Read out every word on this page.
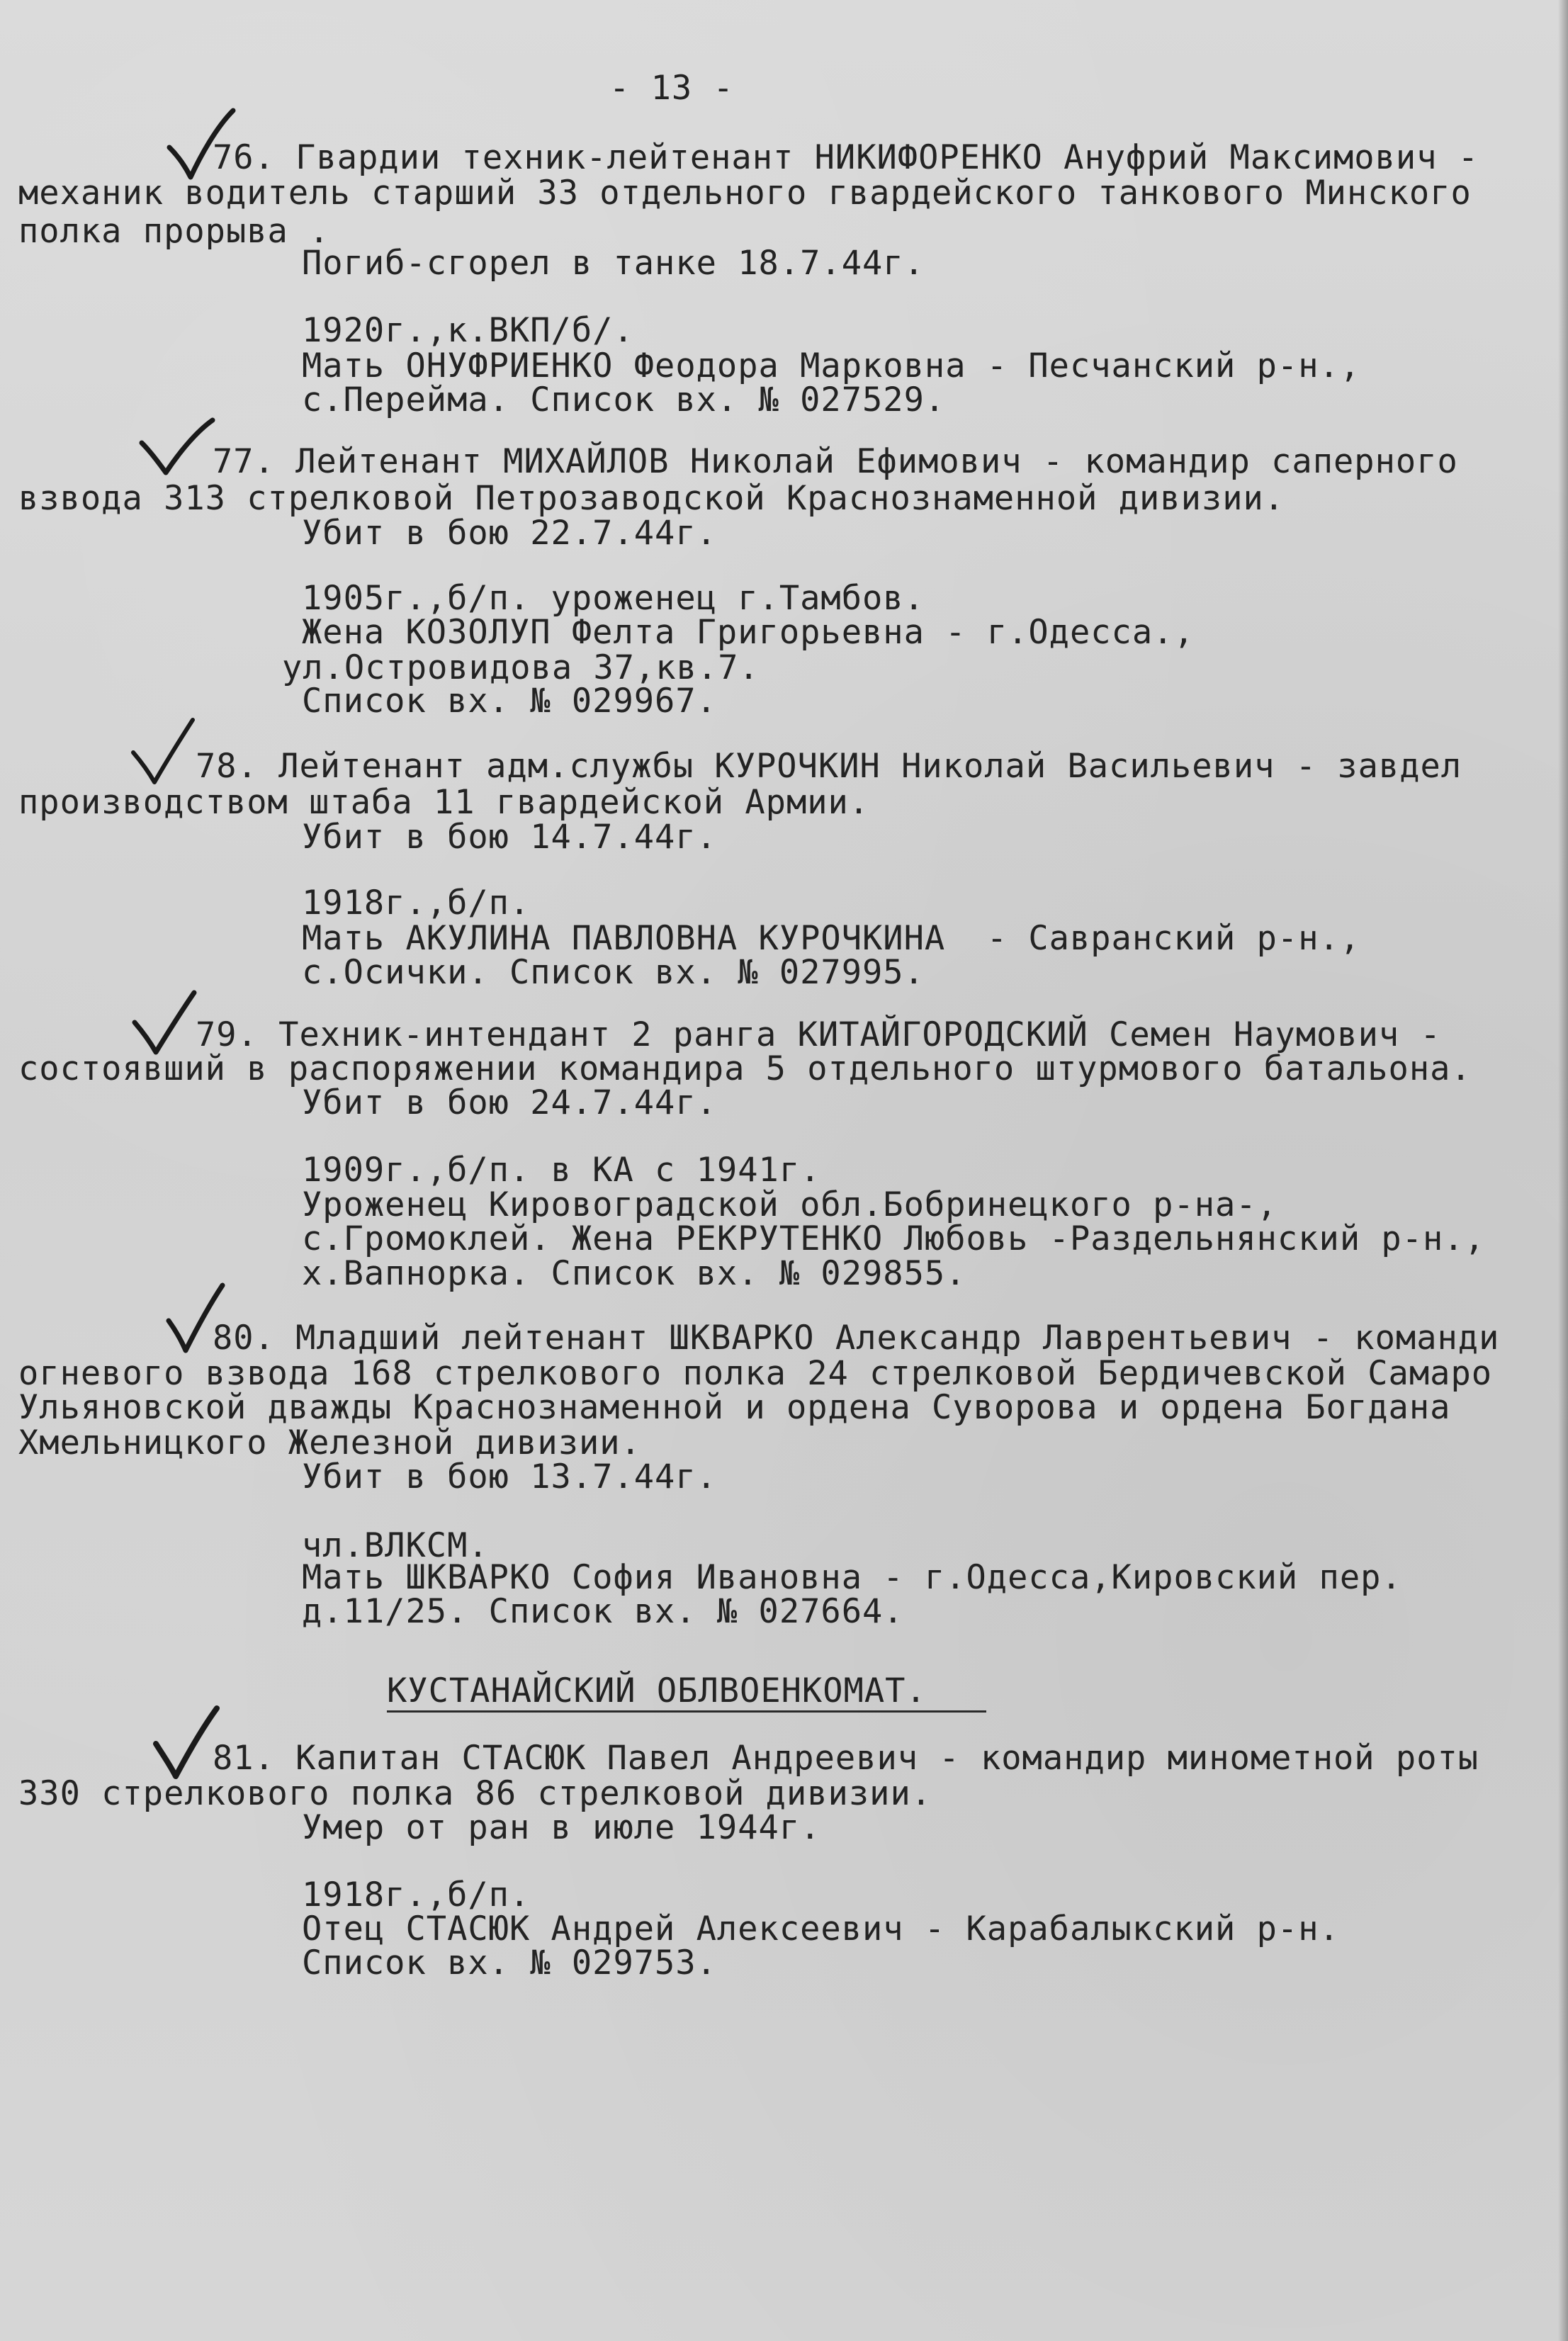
- 13 -
76. Гвардии техник-лейтенант НИКИФОРЕНКО Ануфрий Максимович -
механик водитель старший 33 отдельного гвардейского танкового Минского
полка прорыва .
Погиб-сгорел в танке 18.7.44г.
1920г.,к.ВКП/б/.
Мать ОНУФРИЕНКО Феодора Марковна - Песчанский р-н.,
с.Перейма. Список вх. № 027529.
77. Лейтенант МИХАЙЛОВ Николай Ефимович - командир саперного
взвода 313 стрелковой Петрозаводской Краснознаменной дивизии.
Убит в бою 22.7.44г.
1905г.,б/п. уроженец г.Тамбов.
Жена КОЗОЛУП Фелта Григорьевна - г.Одесса.,
ул.Островидова 37,кв.7.
Список вх. № 029967.
78. Лейтенант адм.службы КУРОЧКИН Николай Васильевич - завдел
производством штаба 11 гвардейской Армии.
Убит в бою 14.7.44г.
1918г.,б/п.
Мать АКУЛИНА ПАВЛОВНА КУРОЧКИНА  - Савранский р-н.,
с.Осички. Список вх. № 027995.
79. Техник-интендант 2 ранга КИТАЙГОРОДСКИЙ Семен Наумович -
состоявший в распоряжении командира 5 отдельного штурмового батальона.
Убит в бою 24.7.44г.
1909г.,б/п. в КА с 1941г.
Уроженец Кировоградской обл.Бобринецкого р-на-,
с.Громоклей. Жена РЕКРУТЕНКО Любовь -Раздельнянский р-н.,
х.Вапнорка. Список вх. № 029855.
80. Младший лейтенант ШКВАРКО Александр Лаврентьевич - команди
огневого взвода 168 стрелкового полка 24 стрелковой Бердичевской Самаро
Ульяновской дважды Краснознаменной и ордена Суворова и ордена Богдана
Хмельницкого Железной дивизии.
Убит в бою 13.7.44г.
чл.ВЛКСМ.
Мать ШКВАРКО София Ивановна - г.Одесса,Кировский пер.
д.11/25. Список вх. № 027664.
КУСТАНАЙСКИЙ ОБЛВОЕНКОМАТ.
81. Капитан СТАСЮК Павел Андреевич - командир минометной роты
330 стрелкового полка 86 стрелковой дивизии.
Умер от ран в июле 1944г.
1918г.,б/п.
Отец СТАСЮК Андрей Алексеевич - Карабалыкский р-н.
Список вх. № 029753.
